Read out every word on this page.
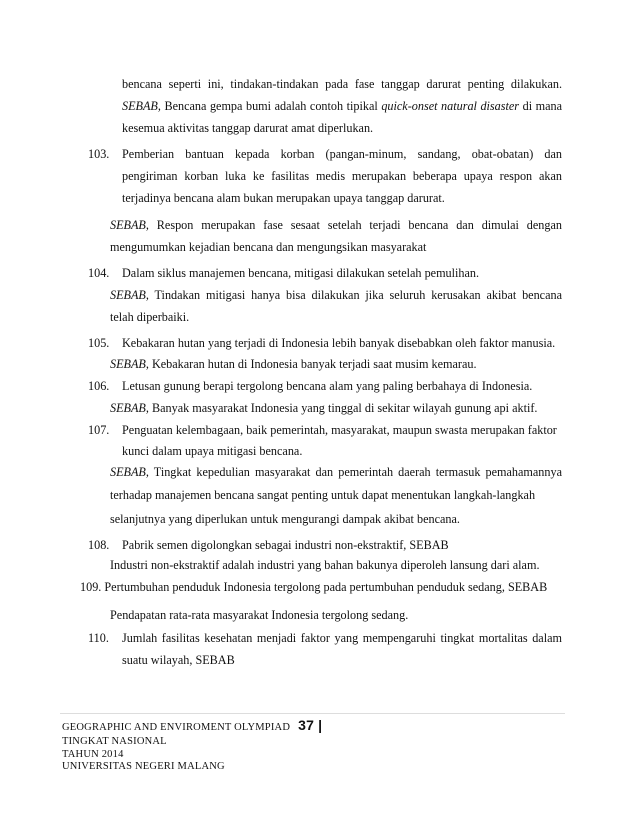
bencana seperti ini, tindakan-tindakan pada fase tanggap darurat penting dilakukan.
SEBAB, Bencana gempa bumi adalah contoh tipikal quick-onset natural disaster di mana
kesemua aktivitas tanggap darurat amat diperlukan.
103. Pemberian bantuan kepada korban (pangan-minum, sandang, obat-obatan) dan
pengiriman korban luka ke fasilitas medis merupakan beberapa upaya respon akan
terjadinya bencana alam bukan merupakan upaya tanggap darurat.
SEBAB, Respon merupakan fase sesaat setelah terjadi bencana dan dimulai dengan
mengumumkan kejadian bencana dan mengungsikan masyarakat
104. Dalam siklus manajemen bencana, mitigasi dilakukan setelah pemulihan.
SEBAB, Tindakan mitigasi hanya bisa dilakukan jika seluruh kerusakan akibat bencana
telah diperbaiki.
105. Kebakaran hutan yang terjadi di Indonesia lebih banyak disebabkan oleh faktor manusia.
SEBAB, Kebakaran hutan di Indonesia banyak terjadi saat musim kemarau.
106. Letusan gunung berapi tergolong bencana alam yang paling berbahaya di Indonesia.
SEBAB, Banyak masyarakat Indonesia yang tinggal di sekitar wilayah gunung api aktif.
107. Penguatan kelembagaan, baik pemerintah, masyarakat, maupun swasta merupakan faktor
kunci dalam upaya mitigasi bencana.
SEBAB, Tingkat kepedulian masyarakat dan pemerintah daerah termasuk pemahamannya
terhadap manajemen bencana sangat penting untuk dapat menentukan langkah-langkah
selanjutnya yang diperlukan untuk mengurangi dampak akibat bencana.
108. Pabrik semen digolongkan sebagai industri non-ekstraktif, SEBAB
Industri non-ekstraktif adalah industri yang bahan bakunya diperoleh lansung dari alam.
109. Pertumbuhan penduduk Indonesia tergolong pada pertumbuhan penduduk sedang, SEBAB
Pendapatan rata-rata masyarakat Indonesia tergolong sedang.
110. Jumlah fasilitas kesehatan menjadi faktor yang mempengaruhi tingkat mortalitas dalam
suatu wilayah, SEBAB
GEOGRAPHIC AND ENVIROMENT OLYMPIAD 37 |
TINGKAT NASIONAL
TAHUN 2014
UNIVERSITAS NEGERI MALANG
